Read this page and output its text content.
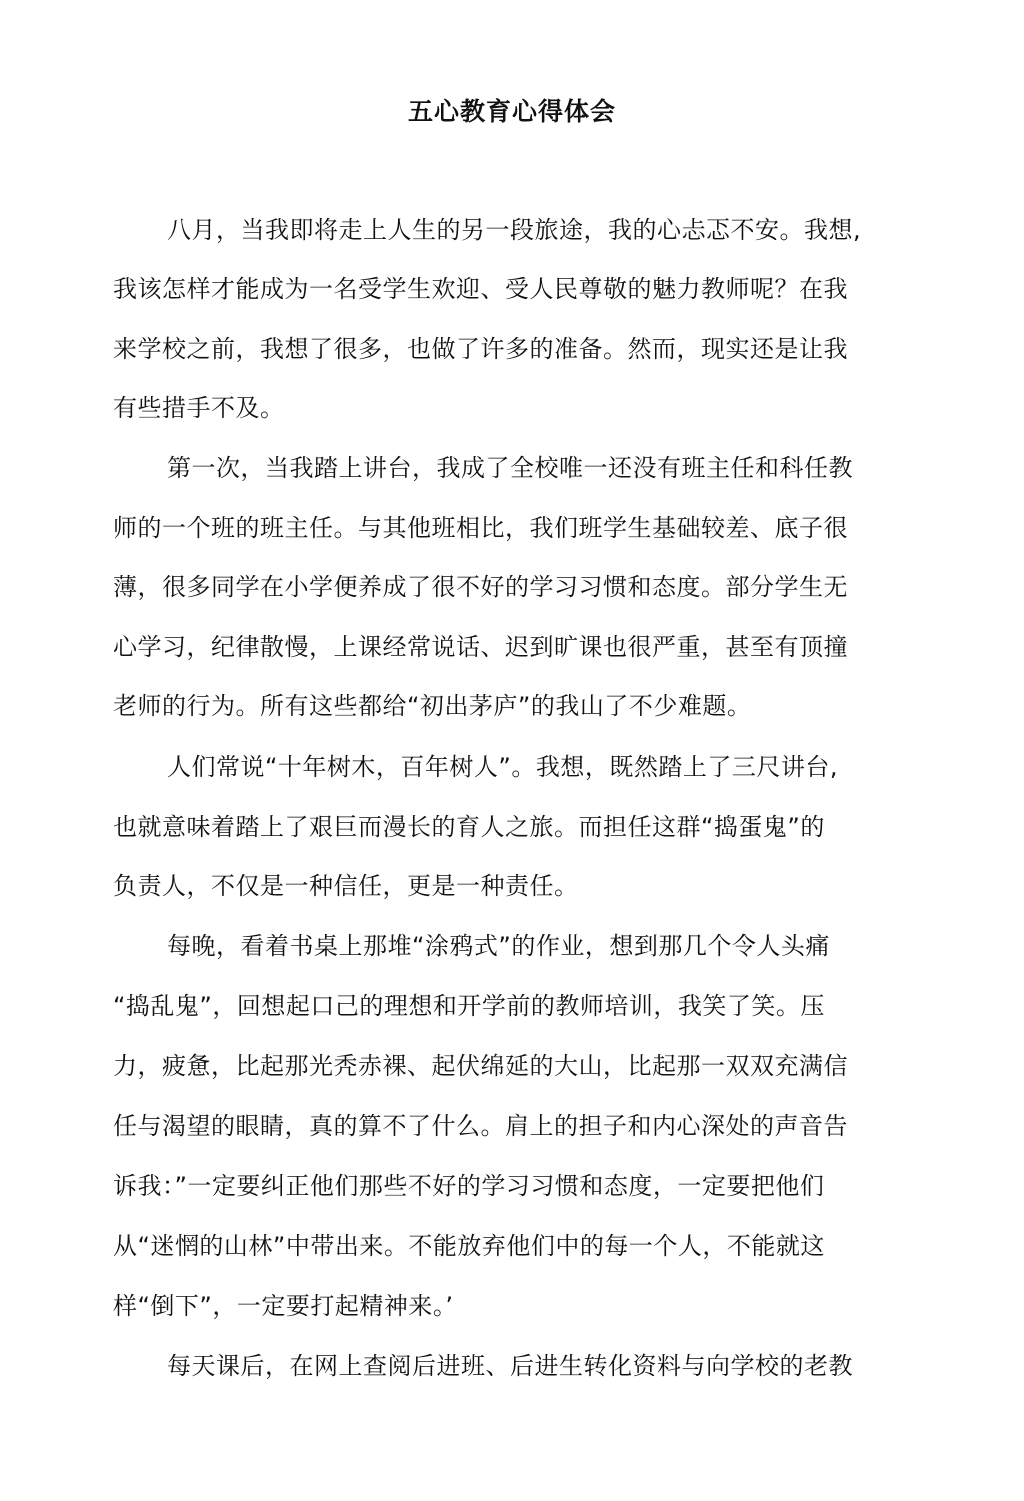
五心教育心得体会
八月，当我即将走上人生的另一段旅途，我的心忐忑不安。我想,
我该怎样才能成为一名受学生欢迎、受人民尊敬的魅力教师呢？在我
来学校之前，我想了很多，也做了许多的准备。然而，现实还是让我
有些措手不及。
第一次，当我踏上讲台，我成了全校唯一还没有班主任和科任教
师的一个班的班主任。与其他班相比，我们班学生基础较差、底子很
薄，很多同学在小学便养成了很不好的学习习惯和态度。部分学生无
心学习，纪律散慢，上课经常说话、迟到旷课也很严重，甚至有顶撞
老师的行为。所有这些都给“初出茅庐”的我山了不少难题。
人们常说“十年树木，百年树人”。我想，既然踏上了三尺讲台,
也就意味着踏上了艰巨而漫长的育人之旅。而担任这群“捣蛋鬼”的
负责人，不仅是一种信任，更是一种责任。
每晚，看着书桌上那堆“涂鸦式”的作业，想到那几个令人头痛
“捣乱鬼”，回想起口己的理想和开学前的教师培训，我笑了笑。压
力，疲惫，比起那光秃赤裸、起伏绵延的大山，比起那一双双充满信
任与渴望的眼睛，真的算不了什么。肩上的担子和内心深处的声音告
诉我：”一定要纠正他们那些不好的学习习惯和态度，一定要把他们
从“迷惘的山林”中带出来。不能放弃他们中的每一个人，不能就这
样“倒下”，一定要打起精神来。’
每天课后，在网上查阅后进班、后进生转化资料与向学校的老教
